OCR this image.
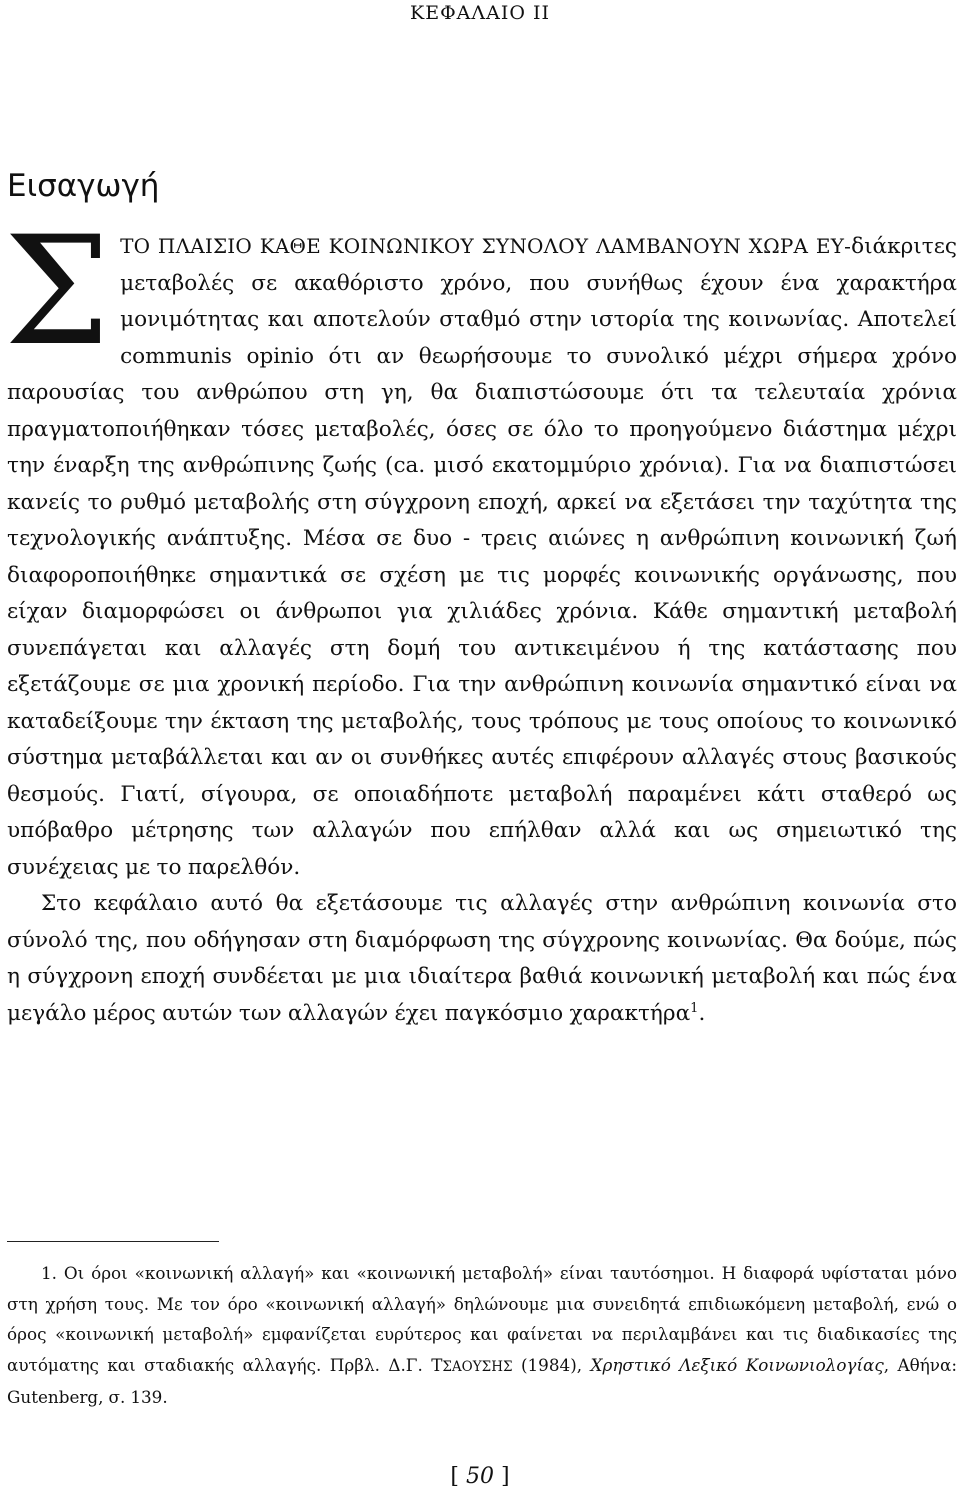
ΚΕΦΑΛΑΙΟ II
Εισαγωγή

ΣΤΟ ΠΛΑΙΣΙΟ ΚΑΘΕ ΚΟΙΝΩΝΙΚΟΥ ΣΥΝΟΛΟΥ ΛΑΜΒΑΝΟΥΝ ΧΩΡΑ ΕΥ-διάκριτες μεταβολές σε ακαθόριστο χρόνο, που συνήθως έχουν ένα χαρακτήρα μονιμότητας και αποτελούν σταθμό στην ιστορία της κοινωνίας. Αποτελεί communis opinio ότι αν θεωρήσουμε το συνολικό μέχρι σήμερα χρόνο παρουσίας του ανθρώπου στη γη, θα διαπιστώσουμε ότι τα τελευταία χρόνια πραγματοποιήθηκαν τόσες μεταβολές, όσες σε όλο το προηγούμενο διάστημα μέχρι την έναρξη της ανθρώπινης ζωής (ca. μισό εκατομμύριο χρόνια). Για να διαπιστώσει κανείς το ρυθμό μεταβολής στη σύγχρονη εποχή, αρκεί να εξετάσει την ταχύτητα της τεχνολογικής ανάπτυξης. Μέσα σε δυο - τρεις αιώνες η ανθρώπινη κοινωνική ζωή διαφοροποιήθηκε σημαντικά σε σχέση με τις μορφές κοινωνικής οργάνωσης, που είχαν διαμορφώσει οι άνθρωποι για χιλιάδες χρόνια. Κάθε σημαντική μεταβολή συνεπάγεται και αλλαγές στη δομή του αντικειμένου ή της κατάστασης που εξετάζουμε σε μια χρονική περίοδο. Για την ανθρώπινη κοινωνία σημαντικό είναι να καταδείξουμε την έκταση της μεταβολής, τους τρόπους με τους οποίους το κοινωνικό σύστημα μεταβάλλεται και αν οι συνθήκες αυτές επιφέρουν αλλαγές στους βασικούς θεσμούς. Γιατί, σίγουρα, σε οποιαδήποτε μεταβολή παραμένει κάτι σταθερό ως υπόβαθρο μέτρησης των αλλαγών που επήλθαν αλλά και ως σημειωτικό της συνέχειας με το παρελθόν.

Στο κεφάλαιο αυτό θα εξετάσουμε τις αλλαγές στην ανθρώπινη κοινωνία στο σύνολό της, που οδήγησαν στη διαμόρφωση της σύγχρονης κοινωνίας. Θα δούμε, πώς η σύγχρονη εποχή συνδέεται με μια ιδιαίτερα βαθιά κοινωνική μεταβολή και πώς ένα μεγάλο μέρος αυτών των αλλαγών έχει παγκόσμιο χαρακτήρα$^1$.

1. Οι όροι «κοινωνική αλλαγή» και «κοινωνική μεταβολή» είναι ταυτόσημοι. Η διαφορά υφίσταται μόνο στη χρήση τους. Με τον όρο «κοινωνική αλλαγή» δηλώνουμε μια συνειδητά επιδιωκόμενη μεταβολή, ενώ ο όρος «κοινωνική μεταβολή» εμφανίζεται ευρύτερος και φαίνεται να περιλαμβάνει και τις διαδικασίες της αυτόματης και σταδιακής αλλαγής. Πρβλ. Δ.Γ. ΤΣΑΟΥΣΗΣ (1984), Χρηστικό Λεξικό Κοινωνιολογίας, Αθήνα: Gutenberg, σ. 139.

[ 50 ]
